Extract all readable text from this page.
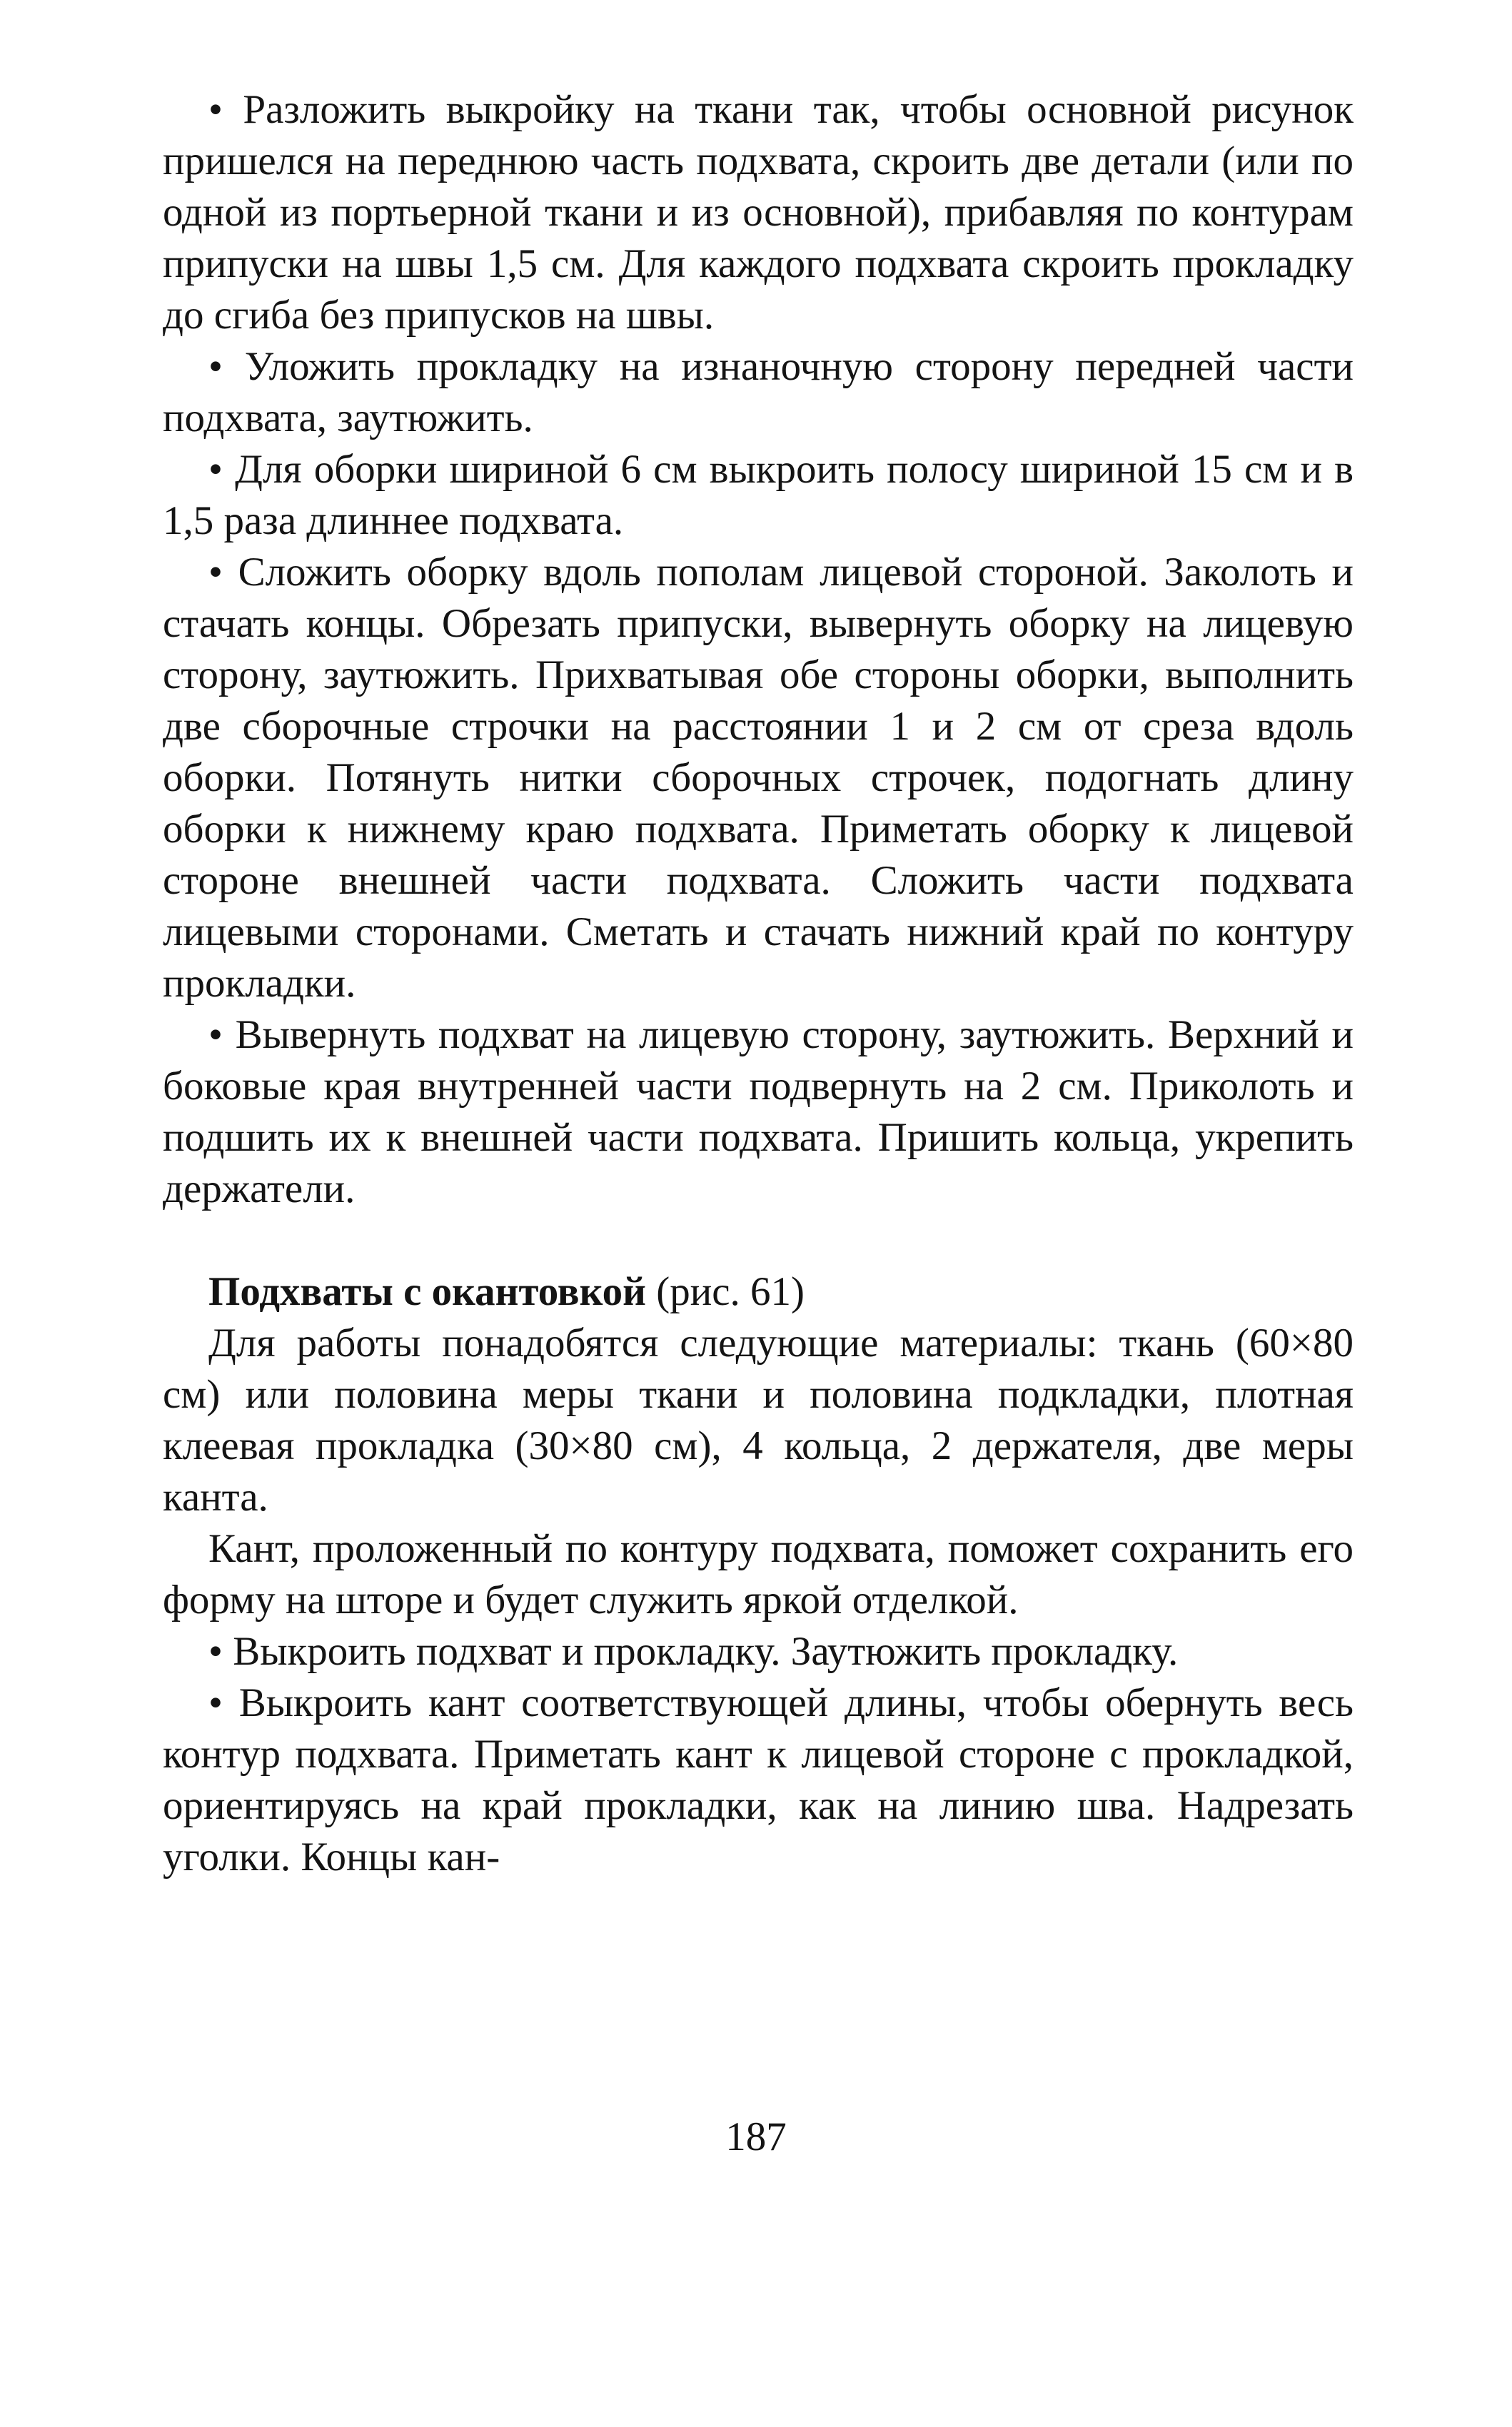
• Разложить выкройку на ткани так, чтобы основной рисунок пришелся на переднюю часть подхвата, скроить две детали (или по одной из портьерной ткани и из основной), прибавляя по контурам припуски на швы 1,5 см. Для каждого подхвата скроить прокладку до сгиба без припусков на швы.

• Уложить прокладку на изнаночную сторону передней части подхвата, заутюжить.

• Для оборки шириной 6 см выкроить полосу шириной 15 см и в 1,5 раза длиннее подхвата.

• Сложить оборку вдоль пополам лицевой стороной. Заколоть и стачать концы. Обрезать припуски, вывернуть оборку на лицевую сторону, заутюжить. Прихватывая обе стороны оборки, выполнить две сборочные строчки на расстоянии 1 и 2 см от среза вдоль оборки. Потянуть нитки сборочных строчек, подогнать длину оборки к нижнему краю подхвата. Приметать оборку к лицевой стороне внешней части подхвата. Сложить части подхвата лицевыми сторонами. Сметать и стачать нижний край по контуру прокладки.

• Вывернуть подхват на лицевую сторону, заутюжить. Верхний и боковые края внутренней части подвернуть на 2 см. Приколоть и подшить их к внешней части подхвата. Пришить кольца, укрепить держатели.

Подхваты с окантовкой (рис. 61)

Для работы понадобятся следующие материалы: ткань (60×80 см) или половина меры ткани и половина подкладки, плотная клеевая прокладка (30×80 см), 4 кольца, 2 держателя, две меры канта.

Кант, проложенный по контуру подхвата, поможет сохранить его форму на шторе и будет служить яркой отделкой.

• Выкроить подхват и прокладку. Заутюжить прокладку.

• Выкроить кант соответствующей длины, чтобы обернуть весь контур подхвата. Приметать кант к лицевой стороне с прокладкой, ориентируясь на край прокладки, как на линию шва. Надрезать уголки. Концы кан-

187
